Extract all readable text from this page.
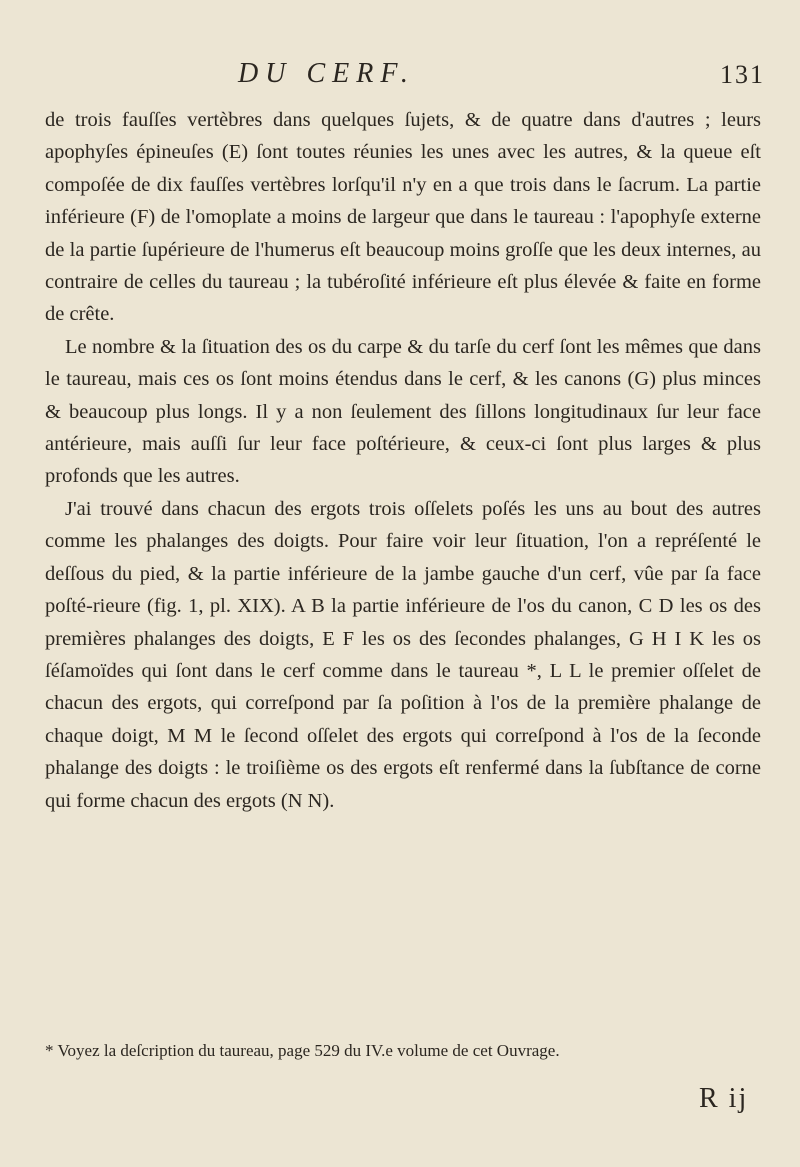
DU CERF.	131

de trois fauſſes vertèbres dans quelques ſujets, & de quatre dans d'autres ; leurs apophyſes épineuſes (E) ſont toutes réunies les unes avec les autres, & la queue eſt compoſée de dix fauſſes vertèbres lorſqu'il n'y en a que trois dans le ſacrum. La partie inférieure (F) de l'omoplate a moins de largeur que dans le taureau : l'apophyſe externe de la partie ſupérieure de l'humerus eſt beaucoup moins groſſe que les deux internes, au contraire de celles du taureau ; la tubéroſité inférieure eſt plus élevée & faite en forme de crête.

Le nombre & la ſituation des os du carpe & du tarſe du cerf ſont les mêmes que dans le taureau, mais ces os ſont moins étendus dans le cerf, & les canons (G) plus minces & beaucoup plus longs. Il y a non ſeulement des ſillons longitudinaux ſur leur face antérieure, mais auſſi ſur leur face poſtérieure, & ceux-ci ſont plus larges & plus profonds que les autres.

J'ai trouvé dans chacun des ergots trois oſſelets poſés les uns au bout des autres comme les phalanges des doigts. Pour faire voir leur ſituation, l'on a repréſenté le deſſous du pied, & la partie inférieure de la jambe gauche d'un cerf, vûe par ſa face poſté-rieure (fig. 1, pl. XIX). A B la partie inférieure de l'os du canon, C D les os des premières phalanges des doigts, E F les os des ſecondes phalanges, G H I K les os ſéſamoïdes qui ſont dans le cerf comme dans le taureau *, L L le premier oſſelet de chacun des ergots, qui correſpond par ſa poſition à l'os de la première phalange de chaque doigt, M M le ſecond oſſelet des ergots qui correſpond à l'os de la ſeconde phalange des doigts : le troiſième os des ergots eſt renfermé dans la ſubſtance de corne qui forme chacun des ergots (N N).

* Voyez la deſcription du taureau, page 529 du IV.e volume de cet Ouvrage.
R ij
